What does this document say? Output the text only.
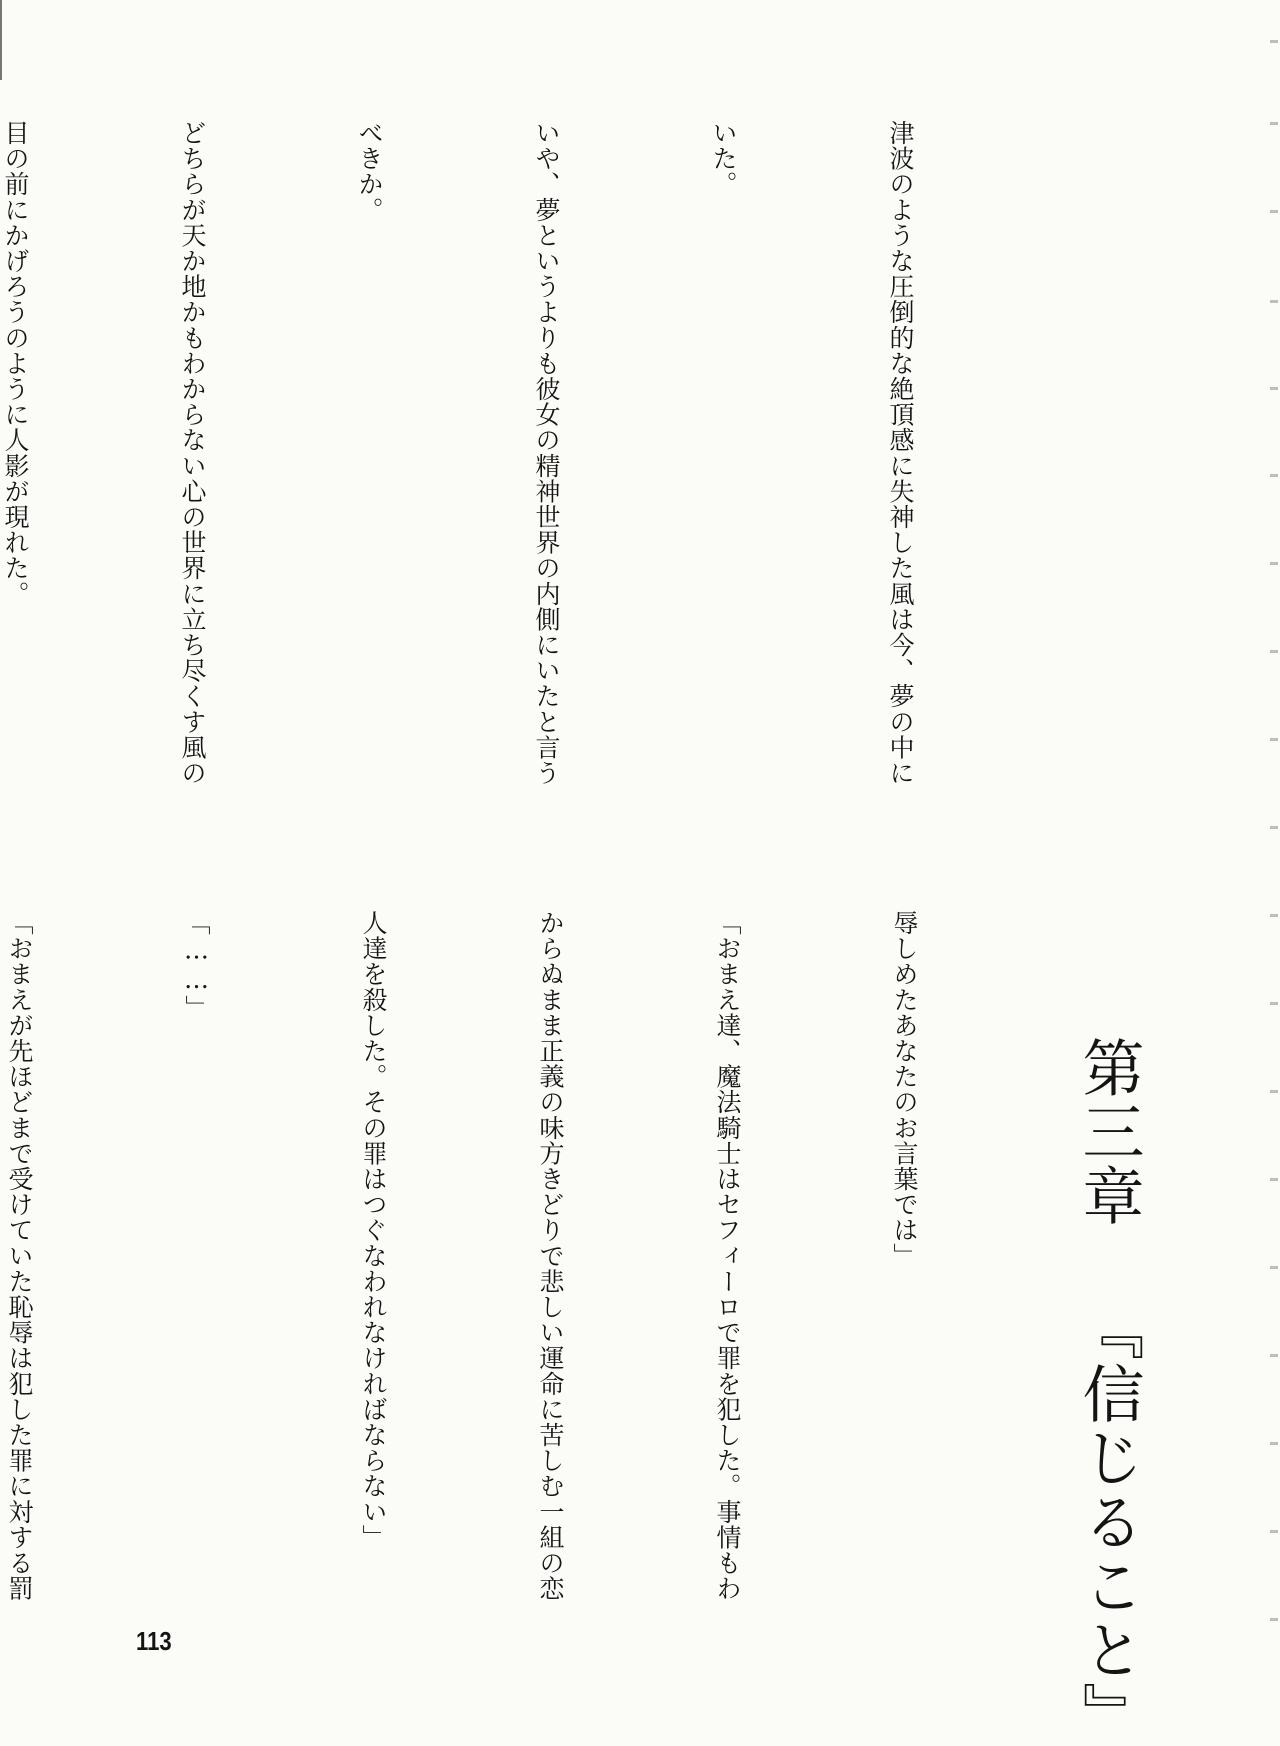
津波のような圧倒的な絶頂感に失神した風は今、夢の中に

いた。

いや、夢というよりも彼女の精神世界の内側にいたと言う

べきか。

どちらが天か地かもわからない心の世界に立ち尽くす風の

目の前にかげろうのように人影が現れた。

第三章 『信じること』

辱しめたあなたのお言葉では」

「おまえ達、魔法騎士はセフィーロで罪を犯した。事情もわ

からぬまま正義の味方きどりで悲しい運命に苦しむ一組の恋

人達を殺した。その罪はつぐなわれなければならない」

「……」

「おまえが先ほどまで受けていた恥辱は犯した罪に対する罰

113
